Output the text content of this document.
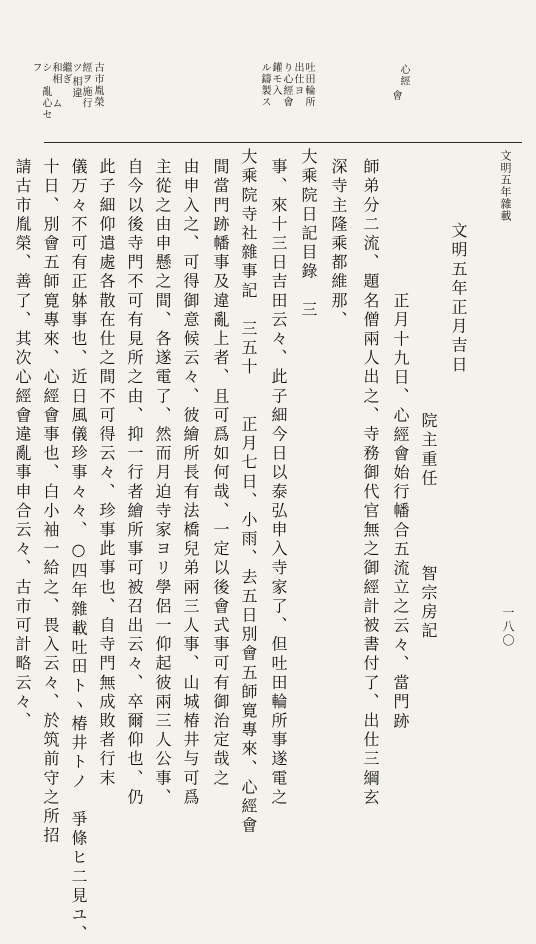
文明五年雜載
一八〇
心經
會
吐田輪所
出仕ヨ
り心經會
鑵モ入
ル鑄製ス
古市胤榮
經ヲ
ツ
ム
シ
フ
施行
相違
繼ぎ
和相
亂心セ
文明五年正月吉日
院主重任　　　　智宗房記
正月十九日、心經會始行幡合五流立之云々、當門跡
師弟分二流、題名僧兩人出之、寺務御代官無之御經計被書付了、出仕三綱玄
深寺主隆乘都維那、
大乘院日記目錄　三
事、來十三日吉田云々、此子細今日以泰弘申入寺家了、但吐田輪所事遂電之
大乘院寺社雜事記　三五十　　正月七日、小雨、去五日別會五師寛專來、心經會
間當門跡幡事及違亂上者、且可爲如何哉、一定以後會式事可有御治定哉之
由申入之、可得御意候云々、彼繪所長有法橋兒弟兩三人事、山城椿井与可爲
主從之由申懸之間、各遂電了、然而月迫寺家ヨリ學侶一仰起彼兩三人公事、
自今以後寺門不可有見所之由、抑一行者繪所事可被召出云々、卒爾仰也、仍
此子細仰遣處各散在仕之間不可得云々、珍事此事也、自寺門無成敗者行末
儀万々不可有正躰事也、近日風儀珍事々々、○四年雜載吐田トヽ椿井トノ　爭條ヒ二見ユ、
十日、別會五師寛專來、心經會事也、白小袖一給之、畏入云々、於筑前守之所招
請古市胤榮、善了、其次心經會違亂事申合云々、古市可計略云々、
